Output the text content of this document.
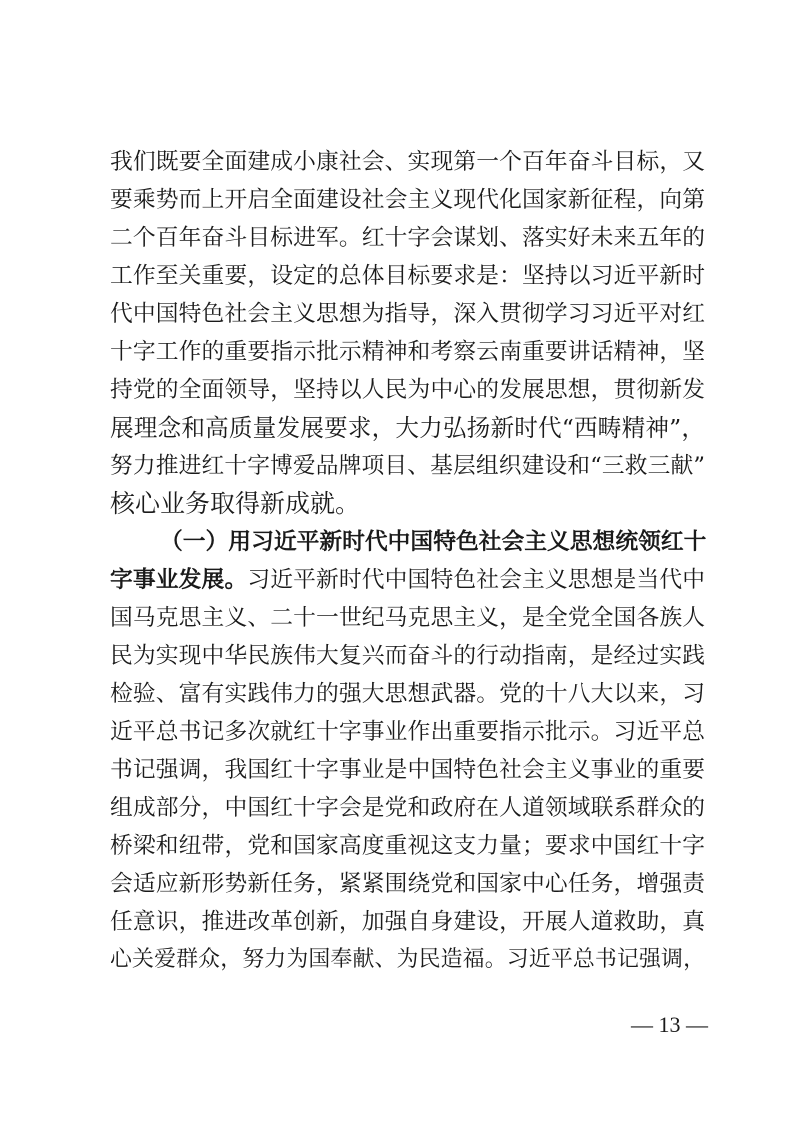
我们既要全面建成小康社会、实现第一个百年奋斗目标，又
要乘势而上开启全面建设社会主义现代化国家新征程，向第
二个百年奋斗目标进军。红十字会谋划、落实好未来五年的
工作至关重要，设定的总体目标要求是：坚持以习近平新时
代中国特色社会主义思想为指导，深入贯彻学习习近平对红
十字工作的重要指示批示精神和考察云南重要讲话精神，坚
持党的全面领导，坚持以人民为中心的发展思想，贯彻新发
展理念和高质量发展要求，大力弘扬新时代“西畴精神”，
努力推进红十字博爱品牌项目、基层组织建设和“三救三献”
核心业务取得新成就。
（一）用习近平新时代中国特色社会主义思想统领红十
字事业发展。习近平新时代中国特色社会主义思想是当代中
国马克思主义、二十一世纪马克思主义，是全党全国各族人
民为实现中华民族伟大复兴而奋斗的行动指南，是经过实践
检验、富有实践伟力的强大思想武器。党的十八大以来，习
近平总书记多次就红十字事业作出重要指示批示。习近平总
书记强调，我国红十字事业是中国特色社会主义事业的重要
组成部分，中国红十字会是党和政府在人道领域联系群众的
桥梁和纽带，党和国家高度重视这支力量；要求中国红十字
会适应新形势新任务，紧紧围绕党和国家中心任务，增强责
任意识，推进改革创新，加强自身建设，开展人道救助，真
心关爱群众，努力为国奉献、为民造福。习近平总书记强调，
— 13 —
